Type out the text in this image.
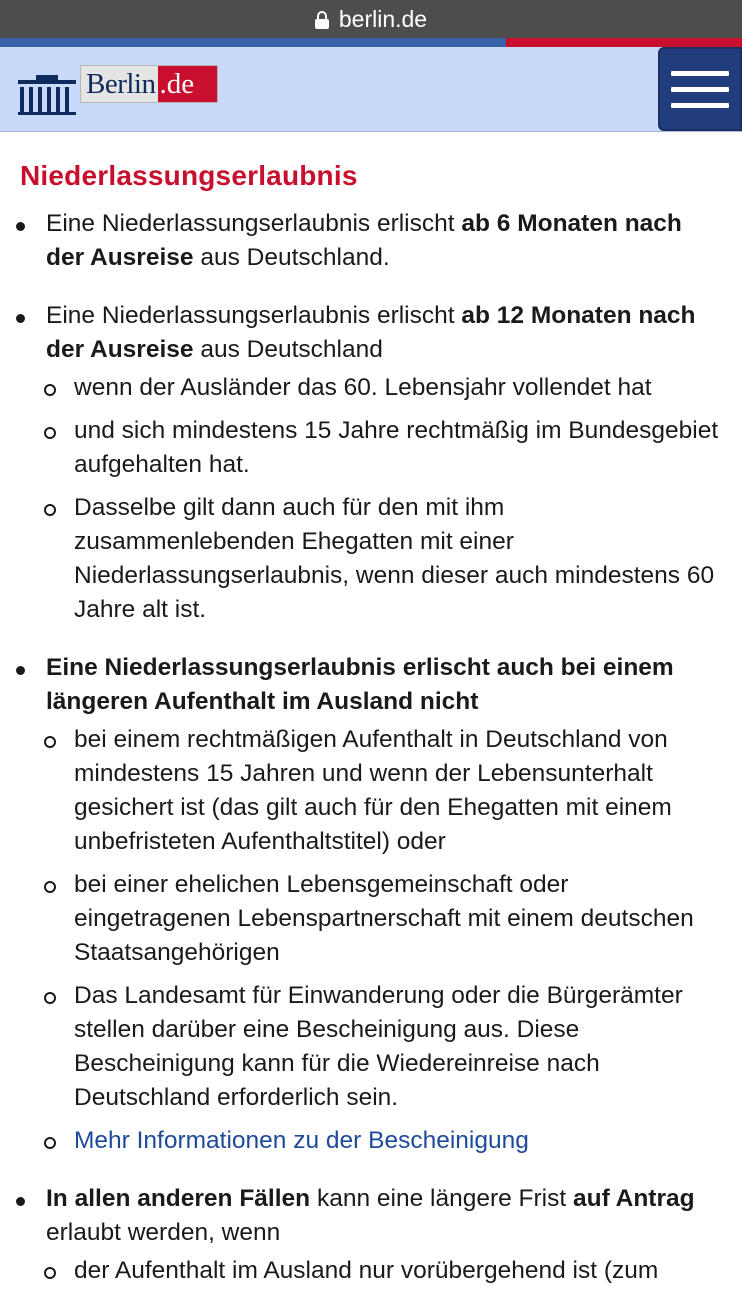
berlin.de
Berlin .de
Niederlassungserlaubnis
Eine Niederlassungserlaubnis erlischt ab 6 Monaten nach der Ausreise aus Deutschland.
Eine Niederlassungserlaubnis erlischt ab 12 Monaten nach der Ausreise aus Deutschland
wenn der Ausländer das 60. Lebensjahr vollendet hat
und sich mindestens 15 Jahre rechtmäßig im Bundesgebiet aufgehalten hat.
Dasselbe gilt dann auch für den mit ihm zusammenlebenden Ehegatten mit einer Niederlassungserlaubnis, wenn dieser auch mindestens 60 Jahre alt ist.
Eine Niederlassungserlaubnis erlischt auch bei einem längeren Aufenthalt im Ausland nicht
bei einem rechtmäßigen Aufenthalt in Deutschland von mindestens 15 Jahren und wenn der Lebensunterhalt gesichert ist (das gilt auch für den Ehegatten mit einem unbefristeten Aufenthaltstitel) oder
bei einer ehelichen Lebensgemeinschaft oder eingetragenen Lebenspartnerschaft mit einem deutschen Staatsangehörigen
Das Landesamt für Einwanderung oder die Bürgerämter stellen darüber eine Bescheinigung aus. Diese Bescheinigung kann für die Wiedereinreise nach Deutschland erforderlich sein.
Mehr Informationen zu der Bescheinigung
In allen anderen Fällen kann eine längere Frist auf Antrag erlaubt werden, wenn
der Aufenthalt im Ausland nur vorübergehend ist (zum
